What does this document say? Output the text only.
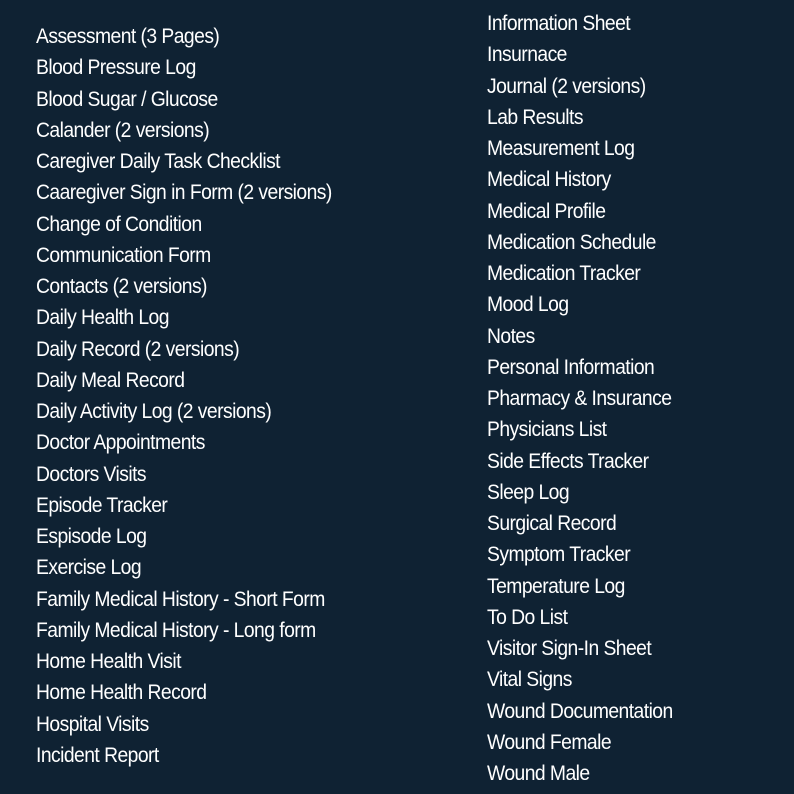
Assessment (3 Pages)
Blood Pressure Log
Blood Sugar / Glucose
Calander (2 versions)
Caregiver Daily Task Checklist
Caaregiver Sign in Form (2 versions)
Change of Condition
Communication Form
Contacts (2 versions)
Daily Health Log
Daily Record (2 versions)
Daily Meal Record
Daily Activity Log (2 versions)
Doctor Appointments
Doctors Visits
Episode Tracker
Espisode Log
Exercise Log
Family Medical History - Short Form
Family Medical History - Long form
Home Health Visit
Home Health Record
Hospital Visits
Incident Report
Information Sheet
Insurnace
Journal (2 versions)
Lab Results
Measurement Log
Medical History
Medical Profile
Medication Schedule
Medication Tracker
Mood Log
Notes
Personal Information
Pharmacy & Insurance
Physicians List
Side Effects Tracker
Sleep Log
Surgical Record
Symptom Tracker
Temperature Log
To Do List
Visitor Sign-In Sheet
Vital Signs
Wound Documentation
Wound Female
Wound Male
